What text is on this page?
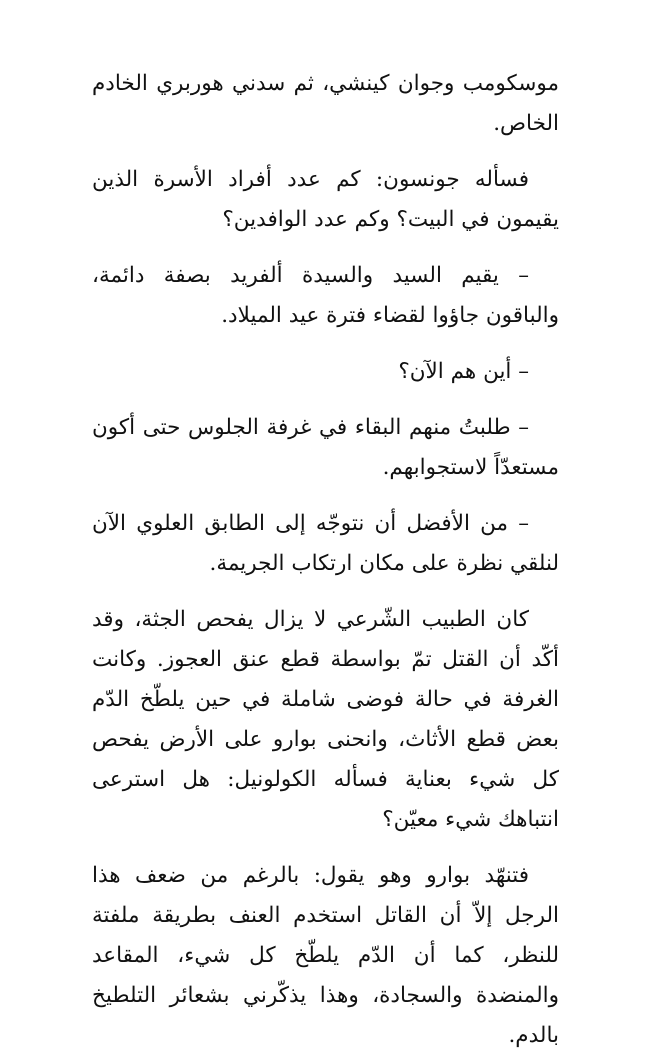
موسكومب وجوان كينشي، ثم سدني هوربري الخادم الخاص.

فسأله جونسون: كم عدد أفراد الأسرة الذين يقيمون في البيت؟ وكم عدد الوافدين؟

– يقيم السيد والسيدة ألفريد بصفة دائمة، والباقون جاؤوا لقضاء فترة عيد الميلاد.

– أين هم الآن؟

– طلبتُ منهم البقاء في غرفة الجلوس حتى أكون مستعدّاً لاستجوابهم.

– من الأفضل أن نتوجّه إلى الطابق العلوي الآن لنلقي نظرة على مكان ارتكاب الجريمة.

كان الطبيب الشّرعي لا يزال يفحص الجثة، وقد أكّد أن القتل تمّ بواسطة قطع عنق العجوز. وكانت الغرفة في حالة فوضى شاملة في حين يلطّخ الدّم بعض قطع الأثاث، وانحنى بوارو على الأرض يفحص كل شيء بعناية فسأله الكولونيل: هل استرعى انتباهك شيء معيّن؟

فتنهّد بوارو وهو يقول: بالرغم من ضعف هذا الرجل إلاّ أن القاتل استخدم العنف بطريقة ملفتة للنظر، كما أن الدّم يلطّخ كل شيء، المقاعد والمنضدة والسجادة، وهذا يذكّرني بشعائر التلطيخ بالدم.
